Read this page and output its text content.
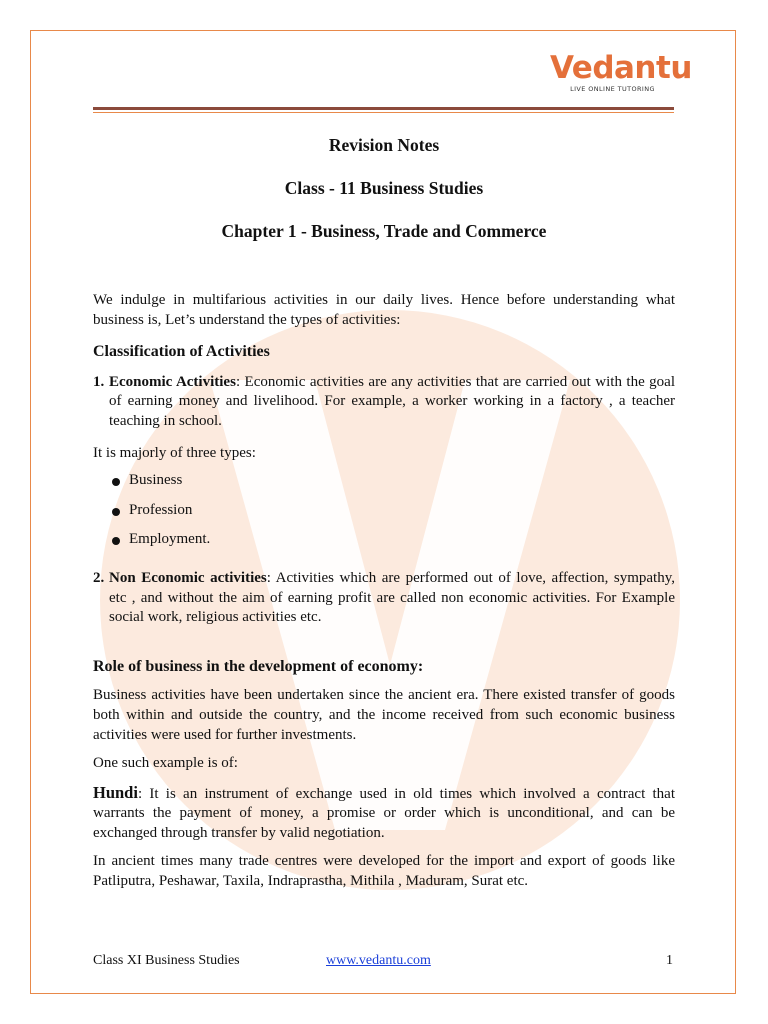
Vedantu
LIVE ONLINE TUTORING
Revision Notes
Class - 11 Business Studies
Chapter 1 - Business, Trade and Commerce

We indulge in multifarious activities in our daily lives. Hence before understanding what business is, Let’s understand the types of activities:

Classification of Activities
1. Economic Activities: Economic activities are any activities that are carried out with the goal of earning money and livelihood. For example, a worker working in a factory , a teacher teaching in school.

It is majorly of three types:

Business
Profession
Employment.
2. Non Economic activities: Activities which are performed out of love, affection, sympathy, etc , and without the aim of earning profit are called non economic activities. For Example social work, religious activities etc.
Role of business in the development of economy:

Business activities have been undertaken since the ancient era. There existed transfer of goods both within and outside the country, and the income received from such economic business activities were used for further investments.

One such example is of:

Hundi: It is an instrument of exchange used in old times which involved a contract that warrants the payment of money, a promise or order which is unconditional, and can be exchanged through transfer by valid negotiation.

In ancient times many trade centres were developed for the import and export of goods like Patliputra, Peshawar, Taxila, Indraprastha, Mithila , Maduram, Surat etc.

Class XI Business Studies	www.vedantu.com	1
